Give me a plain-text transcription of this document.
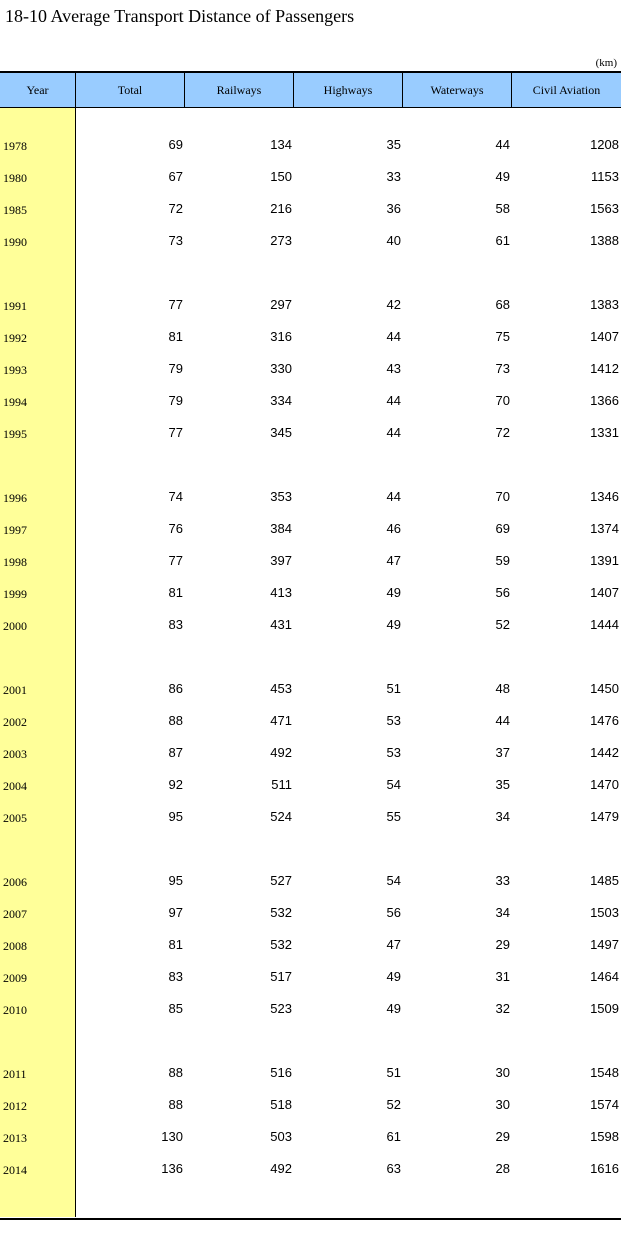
18-10 Average Transport Distance of Passengers
(km)
Year	Total	Railways	Highways	Waterways	Civil Aviation
1978	69	134	35	44	1208
1980	67	150	33	49	1153
1985	72	216	36	58	1563
1990	73	273	40	61	1388
1991	77	297	42	68	1383
1992	81	316	44	75	1407
1993	79	330	43	73	1412
1994	79	334	44	70	1366
1995	77	345	44	72	1331
1996	74	353	44	70	1346
1997	76	384	46	69	1374
1998	77	397	47	59	1391
1999	81	413	49	56	1407
2000	83	431	49	52	1444
2001	86	453	51	48	1450
2002	88	471	53	44	1476
2003	87	492	53	37	1442
2004	92	511	54	35	1470
2005	95	524	55	34	1479
2006	95	527	54	33	1485
2007	97	532	56	34	1503
2008	81	532	47	29	1497
2009	83	517	49	31	1464
2010	85	523	49	32	1509
2011	88	516	51	30	1548
2012	88	518	52	30	1574
2013	130	503	61	29	1598
2014	136	492	63	28	1616
